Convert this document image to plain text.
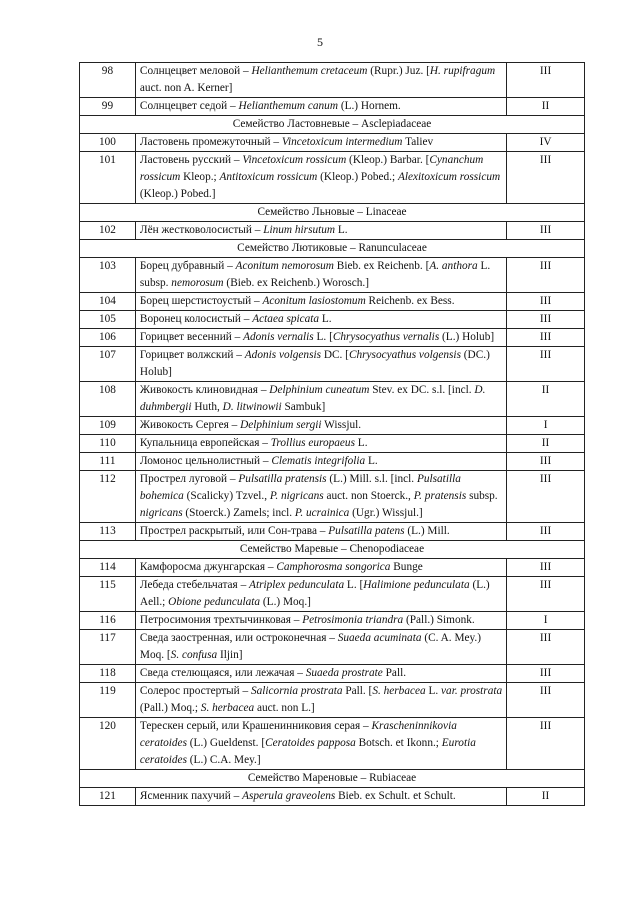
5
98	Солнцецвет меловой – Helianthemum cretaceum (Rupr.) Juz. [H. rupifragum auct. non A. Kerner]	III
99	Солнцецвет седой – Helianthemum canum (L.) Hornem.	II
Семейство Ластовневые – Asclepiadaceae		
100	Ластовень промежуточный – Vincetoxicum intermedium Taliev	IV
101	Ластовень русский – Vincetoxicum rossicum (Kleop.) Barbar. [Cynanchum rossicum Kleop.; Antitoxicum rossicum (Kleop.) Pobed.; Alexitoxicum rossicum (Kleop.) Pobed.]	III
Семейство Льновые – Linaceae		
102	Лён жестковолосистый – Linum hirsutum L.	III
Семейство Лютиковые – Ranunculaceae		
103	Борец дубравный – Aconitum nemorosum Bieb. ex Reichenb. [A. anthora L. subsp. nemorosum (Bieb. ex Reichenb.) Worosch.]	III
104	Борец шерстистоустый – Aconitum lasiostomum Reichenb. ex Bess.	III
105	Воронец колосистый – Actaea spicata L.	III
106	Горицвет весенний – Adonis vernalis L. [Chrysocyathus vernalis (L.) Holub]	III
107	Горицвет волжский – Adonis volgensis DC. [Chrysocyathus volgensis (DC.) Holub]	III
108	Живокость клиновидная – Delphinium cuneatum Stev. ex DC. s.l. [incl. D. duhmbergii Huth, D. litwinowii Sambuk]	II
109	Живокость Сергея – Delphinium sergii Wissjul.	I
110	Купальница европейская – Trollius europaeus L.	II
111	Ломонос цельнолистный – Clematis integrifolia L.	III
112	Прострел луговой – Pulsatilla pratensis (L.) Mill. s.l. [incl. Pulsatilla bohemica (Scalicky) Tzvel., P. nigricans auct. non Stoerck., P. pratensis subsp. nigricans (Stoerck.) Zamels; incl. P. ucrainica (Ugr.) Wissjul.]	III
113	Прострел раскрытый, или Сон-трава – Pulsatilla patens (L.) Mill.	III
Семейство Маревые – Chenopodiaceae		
114	Камфоросма джунгарская – Camphorosma songorica Bunge	III
115	Лебеда стебельчатая – Atriplex pedunculata L. [Halimione pedunculata (L.) Aell.; Obione pedunculata (L.) Moq.]	III
116	Петросимония трехтычинковая – Petrosimonia triandra (Pall.) Simonk.	I
117	Сведа заостренная, или остроконечная – Suaeda acuminata (C. A. Mey.) Moq. [S. confusa Iljin]	III
118	Сведа стелющаяся, или лежачая – Suaeda prostrate Pall.	III
119	Солерос простертый – Salicornia prostrata Pall. [S. herbacea L. var. prostrata (Pall.) Moq.; S. herbacea auct. non L.]	III
120	Терескен серый, или Крашенинниковия серая – Krascheninnikovia ceratoides (L.) Gueldenst. [Ceratoides papposa Botsch. et Ikonn.; Eurotia ceratoides (L.) C.A. Mey.]	III
Семейство Мареновые – Rubiaceae		
121	Ясменник пахучий – Asperula graveolens Bieb. ex Schult. et Schult.	II
